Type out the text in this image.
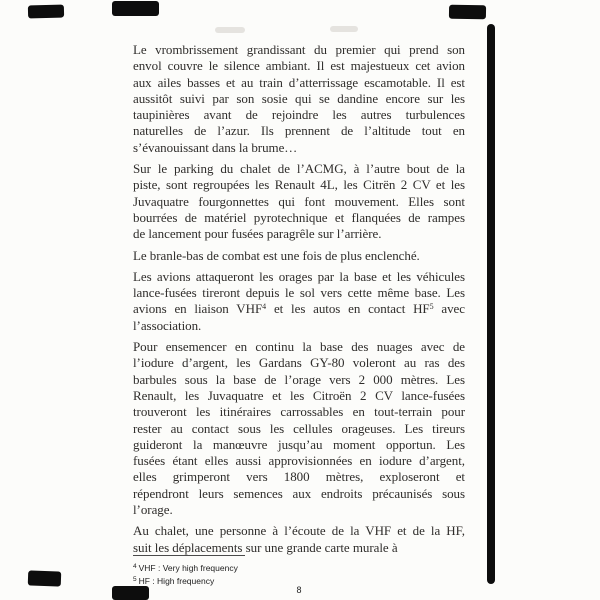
Le vrombrissement grandissant du premier qui prend son
envol couvre le silence ambiant. Il est majestueux cet avion
aux ailes basses et au train d’atterrissage escamotable. Il est
aussitôt suivi par son sosie qui se dandine encore sur les
taupinières avant de rejoindre les autres turbulences
naturelles de l’azur. Ils prennent de l’altitude tout en
s’évanouissant dans la brume…
Sur le parking du chalet de l’ACMG, à l’autre bout de la
piste, sont regroupées les Renault 4L, les Citrën 2 CV et les
Juvaquatre fourgonnettes qui font mouvement. Elles sont
bourrées de matériel pyrotechnique et flanquées de rampes
de lancement pour fusées paragrêle sur l’arrière.
Le branle-bas de combat est une fois de plus enclenché.
Les avions attaqueront les orages par la base et les véhicules
lance-fusées tireront depuis le sol vers cette même base. Les
avions en liaison VHF$^4$ et les autos en contact HF$^5$ avec
l’association.
Pour ensemencer en continu la base des nuages avec de
l’iodure d’argent, les Gardans GY-80 voleront au ras des
barbules sous la base de l’orage vers 2 000 mètres. Les
Renault, les Juvaquatre et les Citroën 2 CV lance-fusées
trouveront les itinéraires carrossables en tout-terrain pour
rester au contact sous les cellules orageuses. Les tireurs
guideront la manœuvre jusqu’au moment opportun. Les
fusées étant elles aussi approvisionnées en iodure d’argent,
elles grimperont vers 1800 mètres, exploseront et
répendront leurs semences aux endroits précaunisés sous
l’orage.
Au chalet, une personne à l’écoute de la VHF et de la HF,
suit les déplacements sur une grande carte murale à
$^4$ VHF : Very high frequency
$^5$ HF : High frequency
8
